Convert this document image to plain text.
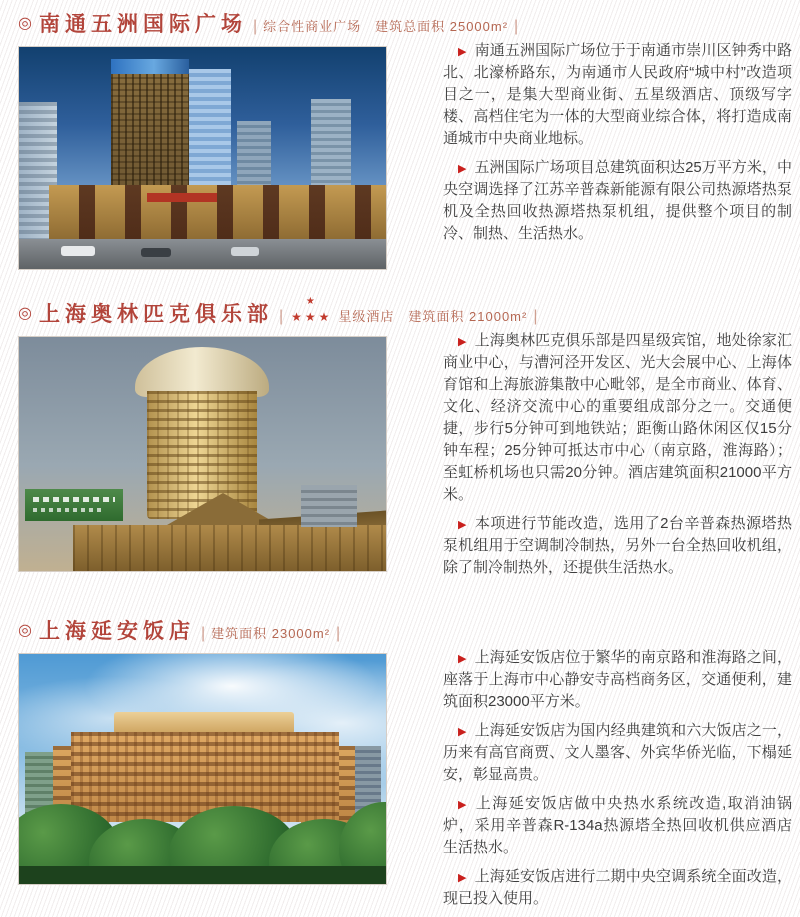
◎ 南通五洲国际广场 | 综合性商业广场　建筑总面积 25000m² |

▶ 南通五洲国际广场位于于南通市崇川区钟秀中路北、北濠桥路东，为南通市人民政府“城中村”改造项目之一，是集大型商业街、五星级酒店、顶级写字楼、高档住宅为一体的大型商业综合体，将打造成南通城市中央商业地标。

▶ 五洲国际广场项目总建筑面积达25万平方米，中央空调选择了江苏辛普森新能源有限公司热源塔热泵机及全热回收热源塔热泵机组，提供整个项目的制冷、制热、生活热水。

◎ 上海奥林匹克俱乐部 |
★
★★★ 星级酒店　建筑面积 21000m² |

▶ 上海奥林匹克俱乐部是四星级宾馆，地处徐家汇商业中心，与漕河泾开发区、光大会展中心、上海体育馆和上海旅游集散中心毗邻，是全市商业、体育、文化、经济交流中心的重要组成部分之一。交通便捷，步行5分钟可到地铁站；距衡山路休闲区仅15分钟车程；25分钟可抵达市中心（南京路，淮海路）；至虹桥机场也只需20分钟。酒店建筑面积21000平方米。

▶ 本项进行节能改造，选用了2台辛普森热源塔热泵机组用于空调制冷制热，另外一台全热回收机组，除了制冷制热外，还提供生活热水。

◎ 上海延安饭店 | 建筑面积 23000m² |

▶ 上海延安饭店位于繁华的南京路和淮海路之间，座落于上海市中心静安寺高档商务区，交通便利，建筑面积23000平方米。

▶ 上海延安饭店为国内经典建筑和六大饭店之一，历来有高官商贾、文人墨客、外宾华侨光临，下榻延安，彰显高贵。

▶ 上海延安饭店做中央热水系统改造,取消油锅炉，采用辛普森R-134a热源塔全热回收机供应酒店生活热水。

▶ 上海延安饭店进行二期中央空调系统全面改造，现已投入使用。
